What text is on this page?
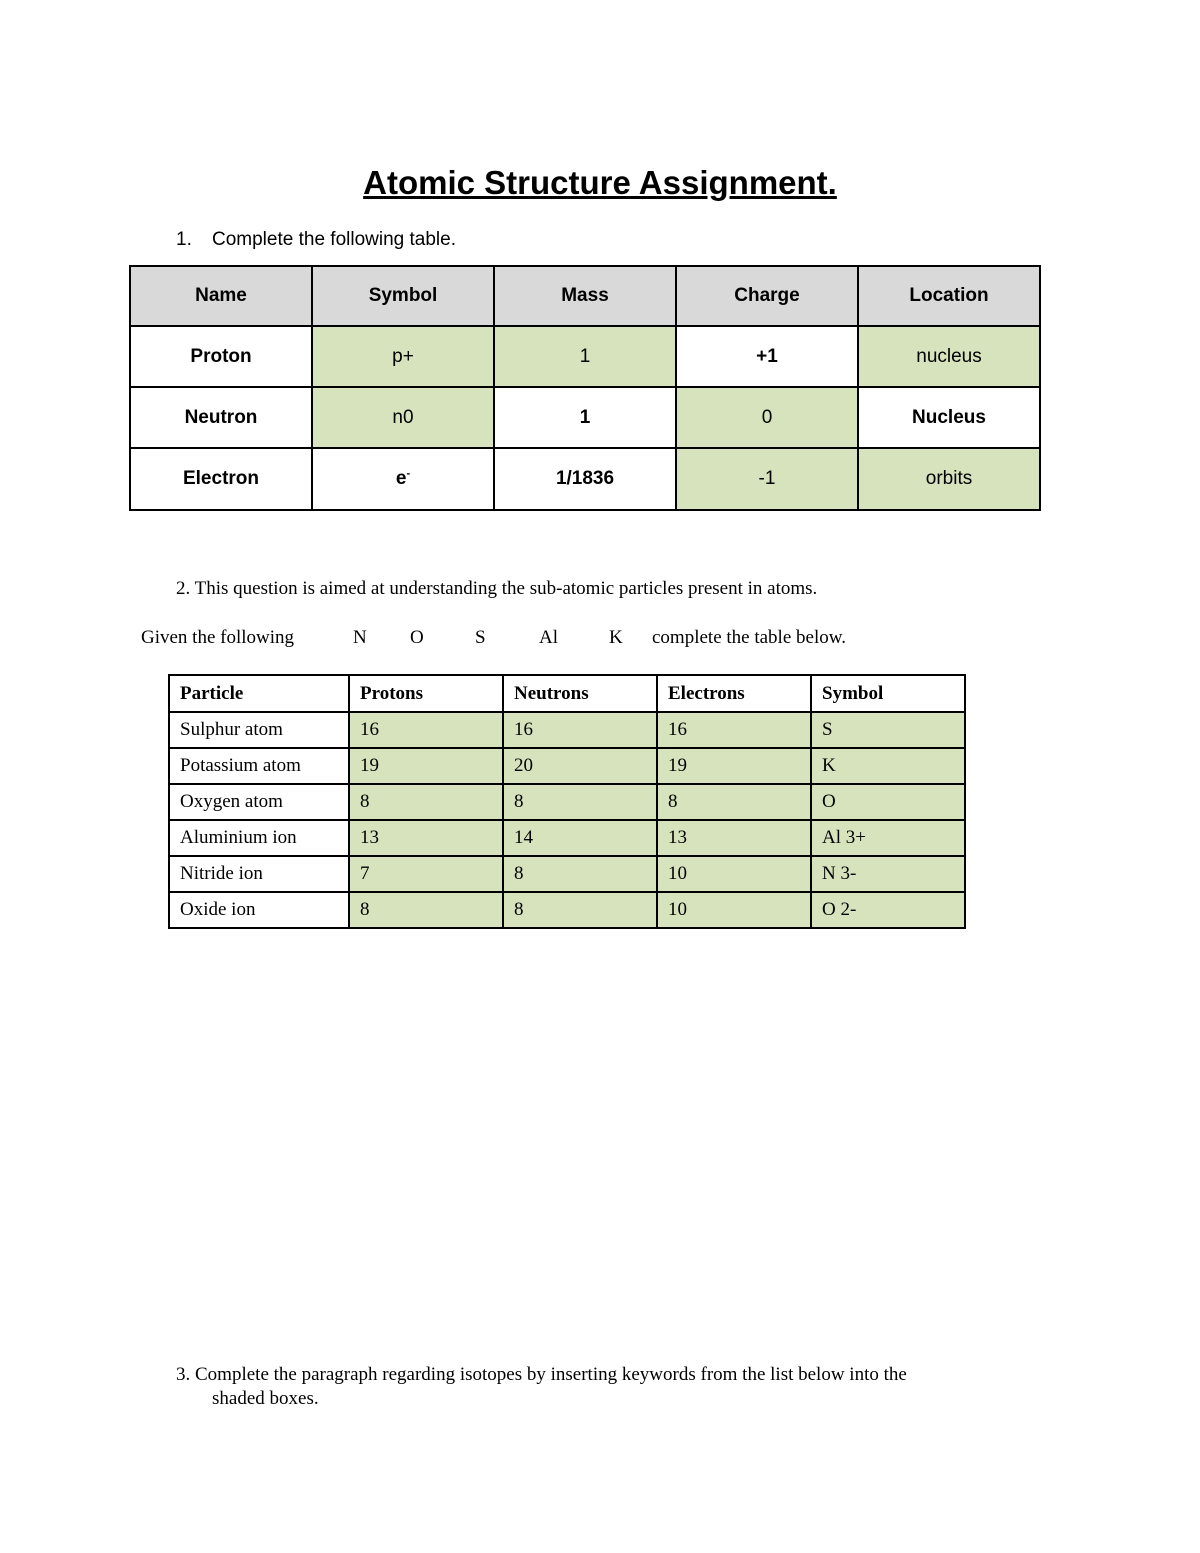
Atomic Structure Assignment.
1. Complete the following table.
Name	Symbol	Mass	Charge	Location
Proton	p+	1	+1	nucleus
Neutron	n0	1	0	Nucleus
Electron	e-	1/1836	-1	orbits
2. This question is aimed at understanding the sub-atomic particles present in atoms.
Given the following	N O	S	Al	K complete the table below.
Particle	Protons	Neutrons	Electrons	Symbol
Sulphur atom	16	16	16	S
Potassium atom	19	20	19	K
Oxygen atom	8	8	8	O
Aluminium ion	13	14	13	Al 3+
Nitride ion	7	8	10	N 3-
Oxide ion	8	8	10	O 2-
3. Complete the paragraph regarding isotopes by inserting keywords from the list below into the
shaded boxes.
